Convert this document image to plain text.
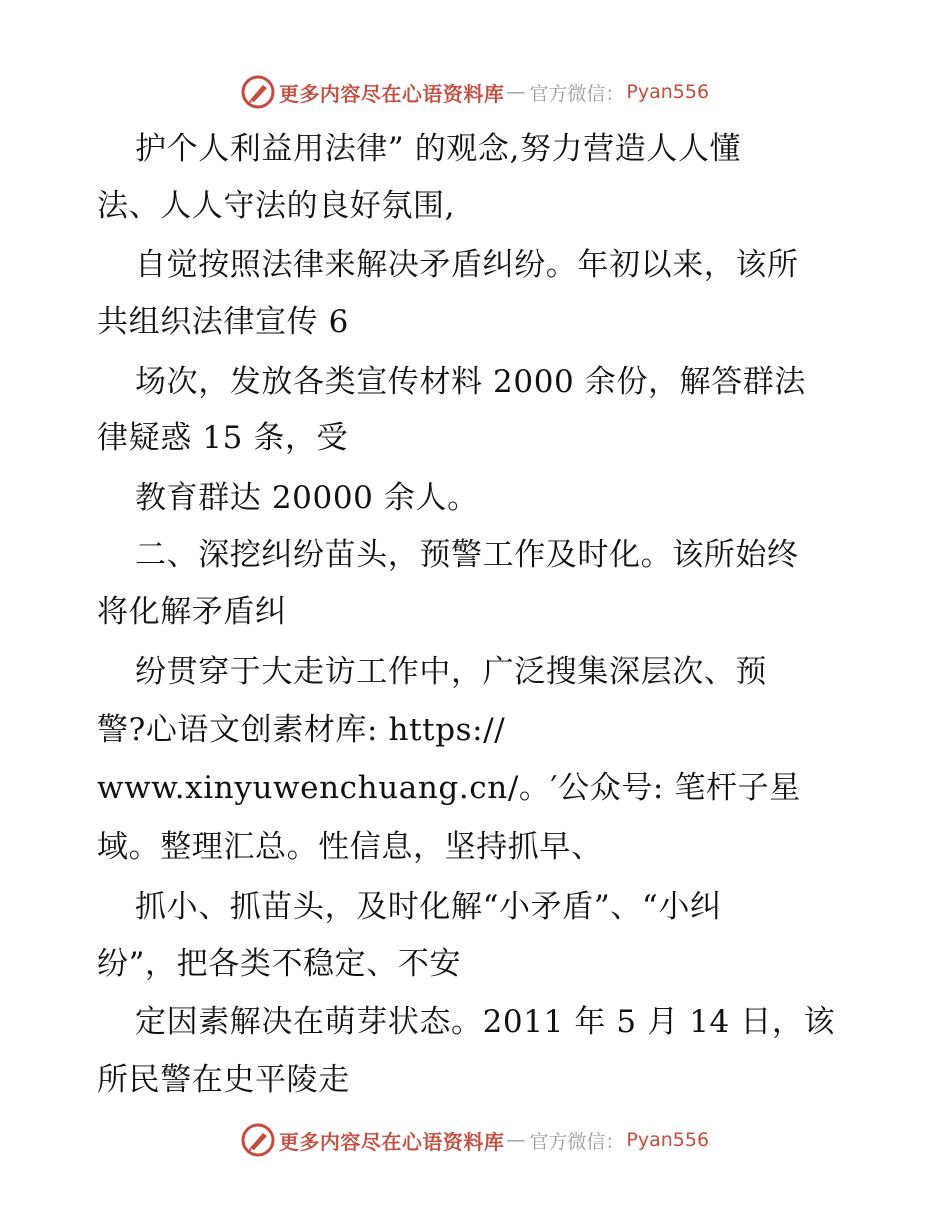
更多内容尽在心语资料库 — 官方微信： Pyan556
护个人利益用法律” 的观念,努力营造人人懂
法、人人守法的良好氛围,
自觉按照法律来解决矛盾纠纷。年初以来，该所
共组织法律宣传 6
场次，发放各类宣传材料 2000 余份，解答群法
律疑惑 15 条，受
教育群达 20000 余人。
二、深挖纠纷苗头，预警工作及时化。该所始终
将化解矛盾纠
纷贯穿于大走访工作中，广泛搜集深层次、预
警?心语文创素材库: https://
www.xinyuwenchuang.cn/。′公众号: 笔杆子星
域。整理汇总。性信息，坚持抓早、
抓小、抓苗头，及时化解“小矛盾”、“小纠
纷”，把各类不稳定、不安
定因素解决在萌芽状态。2011 年 5 月 14 日，该
所民警在史平陵走
更多内容尽在心语资料库 — 官方微信： Pyan556
